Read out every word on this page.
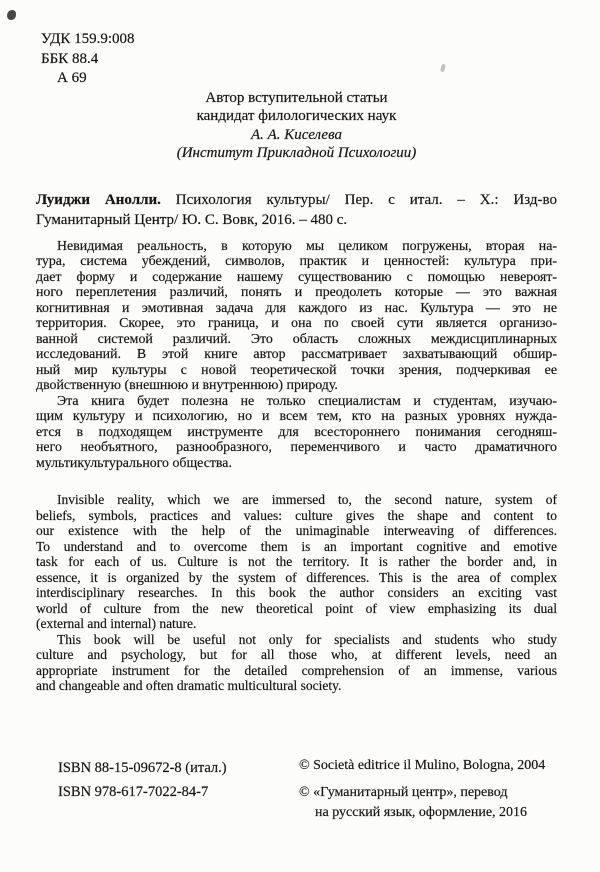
УДК 159.9:008
ББК 88.4
А 69
Автор вступительной статьи
кандидат филологических наук
А. А. Киселева
(Институт Прикладной Психологии)
Луиджи Анолли. Психология культуры/ Пер. с итал. – Х.: Изд-во
Гуманитарный Центр/ Ю. С. Вовк, 2016. – 480 с.
Невидимая реальность, в которую мы целиком погружены, вторая на-
тура, система убеждений, символов, практик и ценностей: культура при-
дает форму и содержание нашему существованию с помощью невероят-
ного переплетения различий, понять и преодолеть которые — это важная
когнитивная и эмотивная задача для каждого из нас. Культура — это не
территория. Скорее, это граница, и она по своей сути является организо-
ванной системой различий. Это область сложных междисциплинарных
исследований. В этой книге автор рассматривает захватывающий обшир-
ный мир культуры с новой теоретической точки зрения, подчеркивая ее
двойственную (внешнюю и внутреннюю) природу.
Эта книга будет полезна не только специалистам и студентам, изучаю-
щим культуру и психологию, но и всем тем, кто на разных уровнях нужда-
ется в подходящем инструменте для всестороннего понимания сегодняш-
него необъятного, разнообразного, переменчивого и часто драматичного
мультикультурального общества.
Invisible reality, which we are immersed to, the second nature, system of
beliefs, symbols, practices and values: culture gives the shape and content to
our existence with the help of the unimaginable interweaving of differences.
To understand and to overcome them is an important cognitive and emotive
task for each of us. Culture is not the territory. It is rather the border and, in
essence, it is organized by the system of differences. This is the area of complex
interdisciplinary researches. In this book the author considers an exciting vast
world of culture from the new theoretical point of view emphasizing its dual
(external and internal) nature.
This book will be useful not only for specialists and students who study
culture and psychology, but for all those who, at different levels, need an
appropriate instrument for the detailed comprehension of an immense, various
and changeable and often dramatic multicultural society.
ISBN 88-15-09672-8 (итал.)
ISBN 978-617-7022-84-7
© Società editrice il Mulino, Bologna, 2004
© «Гуманитарный центр», перевод
на русский язык, оформление, 2016
